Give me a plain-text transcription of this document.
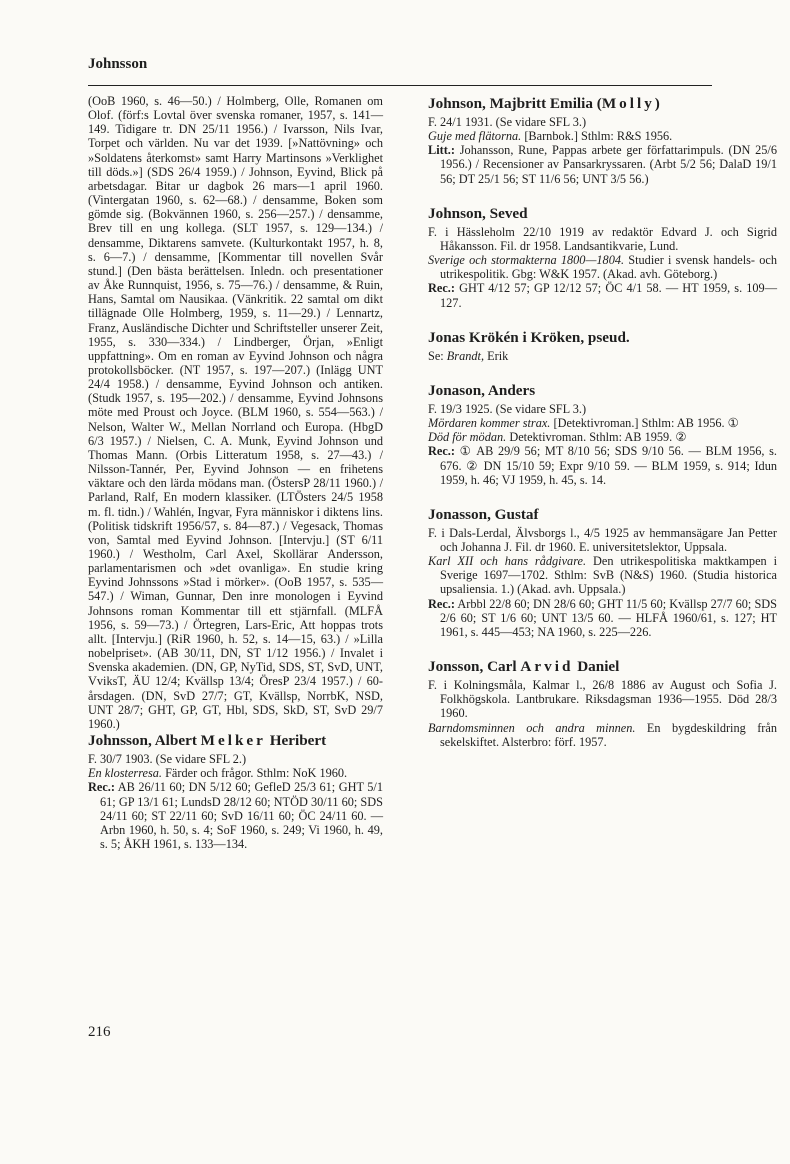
Johnsson

(OoB 1960, s. 46—50.) / Holmberg, Olle, Romanen om Olof. (förf:s Lovtal över svenska romaner, 1957, s. 141—149. Tidigare tr. DN 25/11 1956.) / Ivarsson, Nils Ivar, Torpet och världen. Nu var det 1939. [»Nattövning» och »Soldatens återkomst» samt Harry Martinsons »Verklighet till döds.»] (SDS 26/4 1959.) / Johnson, Eyvind, Blick på arbetsdagar. Bitar ur dagbok 26 mars—1 april 1960. (Vintergatan 1960, s. 62—68.) / densamme, Boken som gömde sig. (Bokvännen 1960, s. 256—257.) / densamme, Brev till en ung kollega. (SLT 1957, s. 129—134.) / densamme, Diktarens samvete. (Kulturkontakt 1957, h. 8, s. 6—7.) / densamme, [Kommentar till novellen Svår stund.] (Den bästa berättelsen. Inledn. och presentationer av Åke Runnquist, 1956, s. 75—76.) / densamme, & Ruin, Hans, Samtal om Nausikaa. (Vänkritik. 22 samtal om dikt tillägnade Olle Holmberg, 1959, s. 11—29.) / Lennartz, Franz, Ausländische Dichter und Schriftsteller unserer Zeit, 1955, s. 330—334.) / Lindberger, Örjan, »Enligt uppfattning». Om en roman av Eyvind Johnson och några protokollsböcker. (NT 1957, s. 197—207.) (Inlägg UNT 24/4 1958.) / densamme, Eyvind Johnson och antiken. (Studk 1957, s. 195—202.) / densamme, Eyvind Johnsons möte med Proust och Joyce. (BLM 1960, s. 554—563.) / Nelson, Walter W., Mellan Norrland och Europa. (HbgD 6/3 1957.) / Nielsen, C. A. Munk, Eyvind Johnson und Thomas Mann. (Orbis Litteratum 1958, s. 27—43.) / Nilsson-Tannér, Per, Eyvind Johnson — en frihetens väktare och den lärda mödans man. (ÖstersP 28/11 1960.) / Parland, Ralf, En modern klassiker. (LTÖsters 24/5 1958 m. fl. tidn.) / Wahlén, Ingvar, Fyra människor i diktens lins. (Politisk tidskrift 1956/57, s. 84—87.) / Vegesack, Thomas von, Samtal med Eyvind Johnson. [Intervju.] (ST 6/11 1960.) / Westholm, Carl Axel, Skollärar Andersson, parlamentarismen och »det ovanliga». En studie kring Eyvind Johnssons »Stad i mörker». (OoB 1957, s. 535—547.) / Wiman, Gunnar, Den inre monologen i Eyvind Johnsons roman Kommentar till ett stjärnfall. (MLFÅ 1956, s. 59—73.) / Örtegren, Lars-Eric, Att hoppas trots allt. [Intervju.] (RiR 1960, h. 52, s. 14—15, 63.) / »Lilla nobelpriset». (AB 30/11, DN, ST 1/12 1956.) / Invalet i Svenska akademien. (DN, GP, NyTid, SDS, ST, SvD, UNT, VviksT, ÄU 12/4; Kvällsp 13/4; ÖresP 23/4 1957.) / 60-årsdagen. (DN, SvD 27/7; GT, Kvällsp, NorrbK, NSD, UNT 28/7; GHT, GP, GT, Hbl, SDS, SkD, ST, SvD 29/7 1960.)

Johnsson, Albert Melker Heribert

F. 30/7 1903. (Se vidare SFL 2.)

En klosterresa. Färder och frågor. Sthlm: NoK 1960.

Rec.: AB 26/11 60; DN 5/12 60; GefleD 25/3 61; GHT 5/1 61; GP 13/1 61; LundsD 28/12 60; NTÖD 30/11 60; SDS 24/11 60; ST 22/11 60; SvD 16/11 60; ÖC 24/11 60. — Arbn 1960, h. 50, s. 4; SoF 1960, s. 249; Vi 1960, h. 49, s. 5; ÅKH 1961, s. 133—134.

Johnson, Majbritt Emilia (Molly)

F. 24/1 1931. (Se vidare SFL 3.)

Guje med flätorna. [Barnbok.] Sthlm: R&S 1956.

Litt.: Johansson, Rune, Pappas arbete ger författarimpuls. (DN 25/6 1956.) / Recensioner av Pansarkryssaren. (Arbt 5/2 56; DalaD 19/1 56; DT 25/1 56; ST 11/6 56; UNT 3/5 56.)

Johnson, Seved

F. i Hässleholm 22/10 1919 av redaktör Edvard J. och Sigrid Håkansson. Fil. dr 1958. Landsantikvarie, Lund.

Sverige och stormakterna 1800—1804. Studier i svensk handels- och utrikespolitik. Gbg: W&K 1957. (Akad. avh. Göteborg.)

Rec.: GHT 4/12 57; GP 12/12 57; ÖC 4/1 58. — HT 1959, s. 109—127.

Jonas Krökén i Kröken, pseud.

Se: Brandt, Erik

Jonason, Anders

F. 19/3 1925. (Se vidare SFL 3.)

Mördaren kommer strax. [Detektivroman.] Sthlm: AB 1956. ①

Död för mödan. Detektivroman. Sthlm: AB 1959. ②

Rec.: ① AB 29/9 56; MT 8/10 56; SDS 9/10 56. — BLM 1956, s. 676. ② DN 15/10 59; Expr 9/10 59. — BLM 1959, s. 914; Idun 1959, h. 46; VJ 1959, h. 45, s. 14.

Jonasson, Gustaf

F. i Dals-Lerdal, Älvsborgs l., 4/5 1925 av hemmansägare Jan Petter och Johanna J. Fil. dr 1960. E. universitetslektor, Uppsala.

Karl XII och hans rådgivare. Den utrikespolitiska maktkampen i Sverige 1697—1702. Sthlm: SvB (N&S) 1960. (Studia historica upsaliensia. 1.) (Akad. avh. Uppsala.)

Rec.: Arbbl 22/8 60; DN 28/6 60; GHT 11/5 60; Kvällsp 27/7 60; SDS 2/6 60; ST 1/6 60; UNT 13/5 60. — HLFÅ 1960/61, s. 127; HT 1961, s. 445—453; NA 1960, s. 225—226.

Jonsson, Carl Arvid Daniel

F. i Kolningsmåla, Kalmar l., 26/8 1886 av August och Sofia J. Folkhögskola. Lantbrukare. Riksdagsman 1936—1955. Död 28/3 1960.

Barndomsminnen och andra minnen. En bygdeskildring från sekelskiftet. Alsterbro: förf. 1957.

216
